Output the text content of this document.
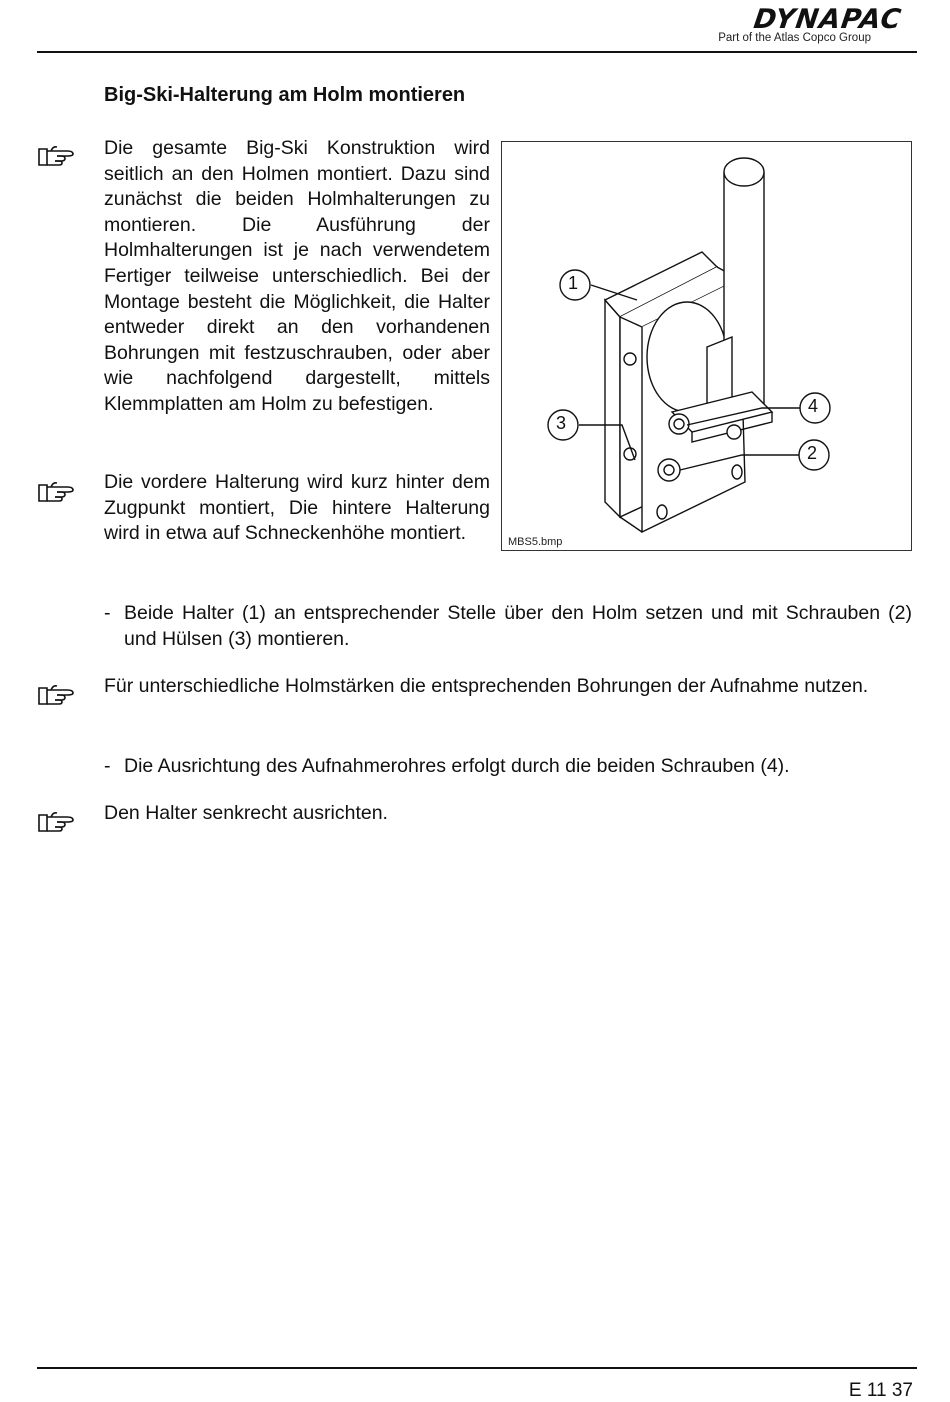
DYNAPAC
Part of the Atlas Copco Group
Big-Ski-Halterung am Holm montieren
Die gesamte Big-Ski Konstruktion wird seitlich an den Holmen montiert. Dazu sind zunächst die beiden Holmhalterungen zu montieren. Die Ausführung der Holmhalterungen ist je nach verwendetem Fertiger teilweise unterschiedlich. Bei der Montage besteht die Möglichkeit, die Halter entweder direkt an den vorhandenen Bohrungen mit festzuschrauben, oder aber wie nachfolgend dargestellt, mittels Klemmplatten am Holm zu befestigen.
Die vordere Halterung wird kurz hinter dem Zugpunkt montiert, Die hintere Halterung wird in etwa auf Schneckenhöhe montiert.
1
3
4
2
MBS5.bmp
- Beide Halter (1) an entsprechender Stelle über den Holm setzen und mit Schrauben (2) und Hülsen (3) montieren.
Für unterschiedliche Holmstärken die entsprechenden Bohrungen der Aufnahme nutzen.
- Die Ausrichtung des Aufnahmerohres erfolgt durch die beiden Schrauben (4).
Den Halter senkrecht ausrichten.
E 11 37
